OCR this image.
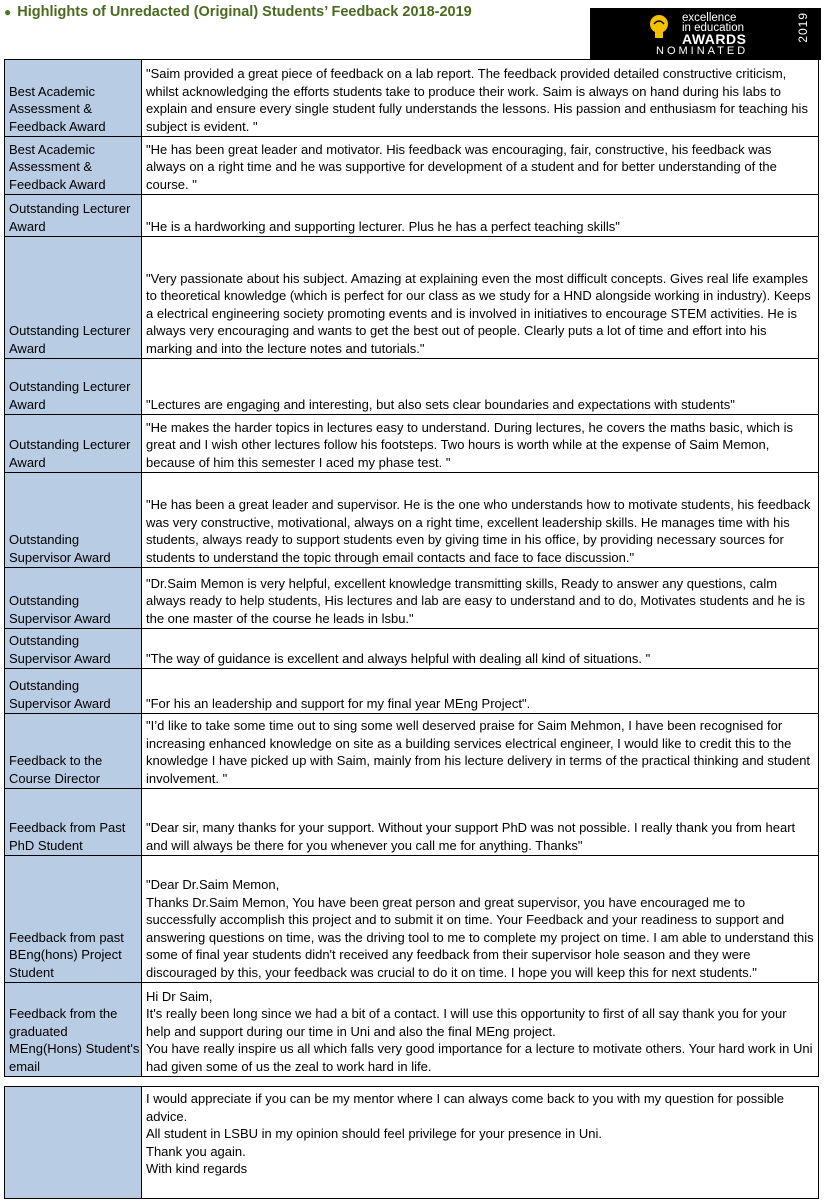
● Highlights of Unredacted (Original) Students’ Feedback 2018-2019	excellence
in education
AWARDS	2019
NOMINATED
Best Academic Assessment & Feedback Award	"Saim provided a great piece of feedback on a lab report. The feedback provided detailed constructive criticism, whilst acknowledging the efforts students take to produce their work. Saim is always on hand during his labs to explain and ensure every single student fully understands the lessons. His passion and enthusiasm for teaching his subject is evident. "
Best Academic Assessment & Feedback Award	"He has been great leader and motivator. His feedback was encouraging, fair, constructive, his feedback was always on a right time and he was supportive for development of a student and for better understanding of the course. "
Outstanding Lecturer Award	"He is a hardworking and supporting lecturer. Plus he has a perfect teaching skills"
Outstanding Lecturer Award	"Very passionate about his subject. Amazing at explaining even the most difficult concepts. Gives real life examples to theoretical knowledge (which is perfect for our class as we study for a HND alongside working in industry). Keeps a electrical engineering society promoting events and is involved in initiatives to encourage STEM activities. He is always very encouraging and wants to get the best out of people. Clearly puts a lot of time and effort into his marking and into the lecture notes and tutorials."
Outstanding Lecturer Award	"Lectures are engaging and interesting, but also sets clear boundaries and expectations with students"
Outstanding Lecturer Award	"He makes the harder topics in lectures easy to understand. During lectures, he covers the maths basic, which is great and I wish other lectures follow his footsteps. Two hours is worth while at the expense of Saim Memon, because of him this semester I aced my phase test. "
Outstanding Supervisor Award	"He has been a great leader and supervisor. He is the one who understands how to motivate students, his feedback was very constructive, motivational, always on a right time, excellent leadership skills. He manages time with his students, always ready to support students even by giving time in his office, by providing necessary sources for students to understand the topic through email contacts and face to face discussion."
Outstanding Supervisor Award	"Dr.Saim Memon is very helpful, excellent knowledge transmitting skills, Ready to answer any questions, calm always ready to help students, His lectures and lab are easy to understand and to do, Motivates students and he is the one master of the course he leads in lsbu."
Outstanding Supervisor Award	"The way of guidance is excellent and always helpful with dealing all kind of situations. "
Outstanding Supervisor Award	"For his an leadership and support for my final year MEng Project".
Feedback to the Course Director	"I’d like to take some time out to sing some well deserved praise for Saim Mehmon, I have been recognised for increasing enhanced knowledge on site as a building services electrical engineer, I would like to credit this to the knowledge I have picked up with Saim, mainly from his lecture delivery in terms of the practical thinking and student involvement. "
Feedback from Past PhD Student	"Dear sir, many thanks for your support. Without your support PhD was not possible. I really thank you from heart and will always be there for you whenever you call me for anything. Thanks"
Feedback from past BEng(hons) Project Student	"Dear Dr.Saim Memon,
Thanks Dr.Saim Memon, You have been great person and great supervisor, you have encouraged me to successfully accomplish this project and to submit it on time. Your Feedback and your readiness to support and answering questions on time, was the driving tool to me to complete my project on time. I am able to understand this some of final year students didn't received any feedback from their supervisor hole season and they were discouraged by this, your feedback was crucial to do it on time. I hope you will keep this for next students."
Feedback from the graduated MEng(Hons) Student's email	Hi Dr Saim,
It's really been long since we had a bit of a contact. I will use this opportunity to first of all say thank you for your help and support during our time in Uni and also the final MEng project.
You have really inspire us all which falls very good importance for a lecture to motivate others. Your hard work in Uni had given some of us the zeal to work hard in life.
	I would appreciate if you can be my mentor where I can always come back to you with my question for possible advice.
All student in LSBU in my opinion should feel privilege for your presence in Uni.
Thank you again.
With kind regards
